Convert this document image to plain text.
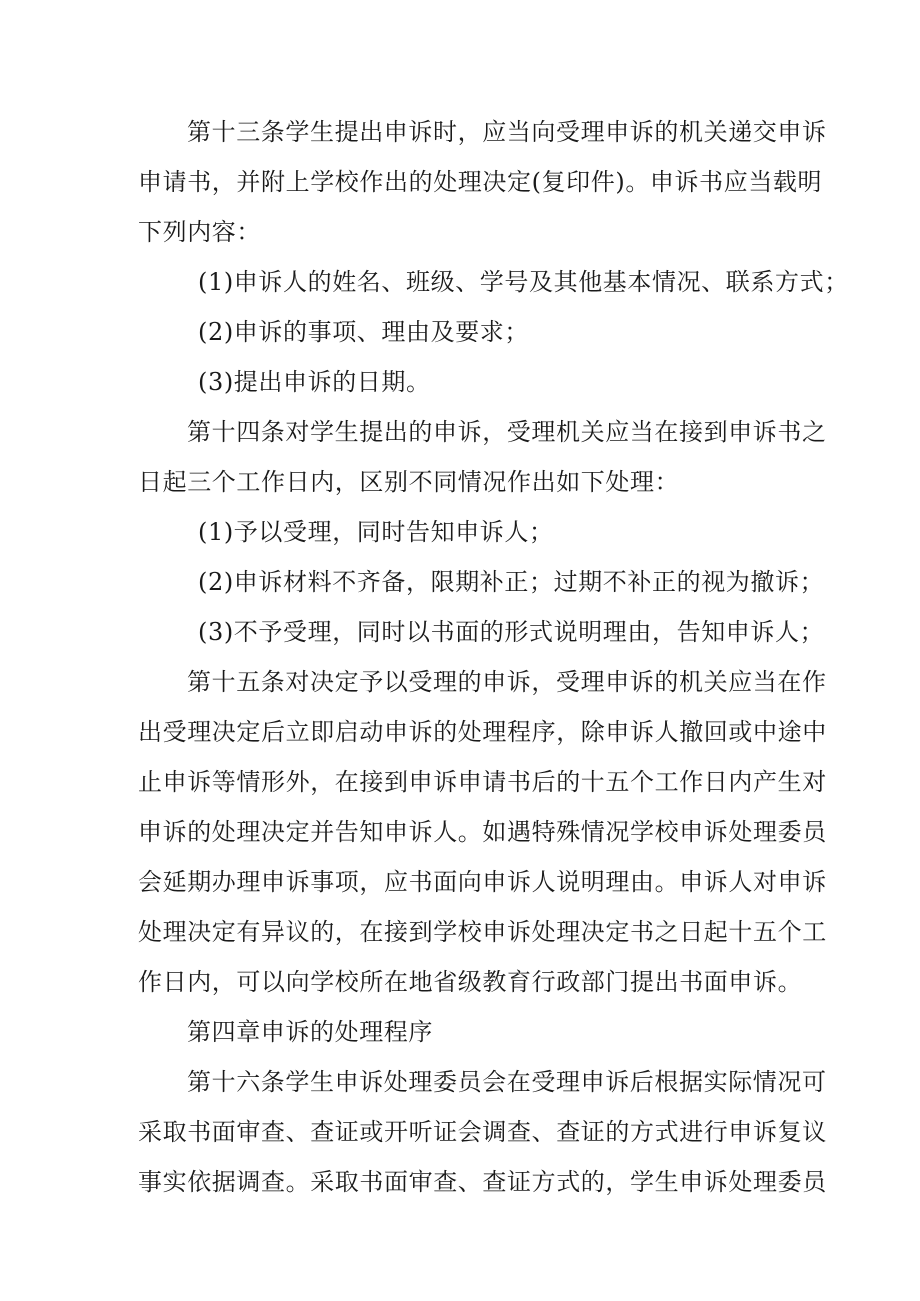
第十三条学生提出申诉时，应当向受理申诉的机关递交申诉
申请书，并附上学校作出的处理决定(复印件)。申诉书应当载明
下列内容：
(1)申诉人的姓名、班级、学号及其他基本情况、联系方式；
(2)申诉的事项、理由及要求；
(3)提出申诉的日期。
第十四条对学生提出的申诉，受理机关应当在接到申诉书之
日起三个工作日内，区别不同情况作出如下处理：
(1)予以受理，同时告知申诉人；
(2)申诉材料不齐备，限期补正；过期不补正的视为撤诉；
(3)不予受理，同时以书面的形式说明理由，告知申诉人；
第十五条对决定予以受理的申诉，受理申诉的机关应当在作
出受理决定后立即启动申诉的处理程序，除申诉人撤回或中途中
止申诉等情形外，在接到申诉申请书后的十五个工作日内产生对
申诉的处理决定并告知申诉人。如遇特殊情况学校申诉处理委员
会延期办理申诉事项，应书面向申诉人说明理由。申诉人对申诉
处理决定有异议的，在接到学校申诉处理决定书之日起十五个工
作日内，可以向学校所在地省级教育行政部门提出书面申诉。
第四章申诉的处理程序
第十六条学生申诉处理委员会在受理申诉后根据实际情况可
采取书面审查、查证或开听证会调查、查证的方式进行申诉复议
事实依据调查。采取书面审查、查证方式的，学生申诉处理委员
